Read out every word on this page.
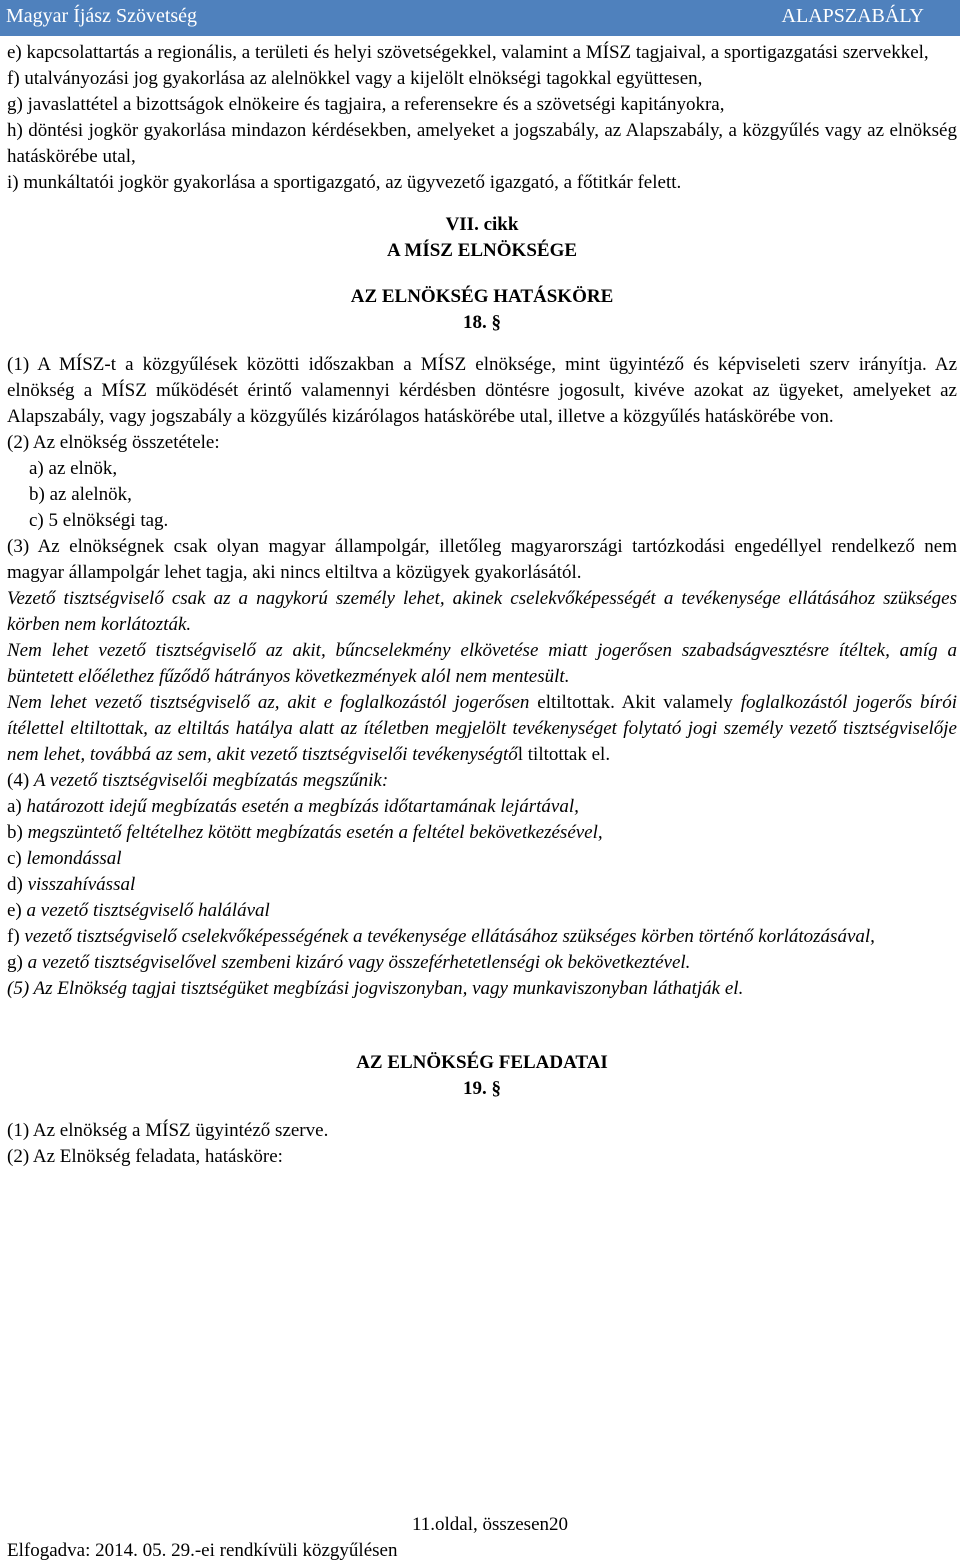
Magyar Íjász Szövetség	ALAPSZABÁLY

e) kapcsolattartás a regionális, a területi és helyi szövetségekkel, valamint a MÍSZ tagjaival, a sportigazgatási szervekkel,

f) utalványozási jog gyakorlása az alelnökkel vagy a kijelölt elnökségi tagokkal együttesen,

g) javaslattétel a bizottságok elnökeire és tagjaira, a referensekre és a szövetségi kapitányokra,

h) döntési jogkör gyakorlása mindazon kérdésekben, amelyeket a jogszabály, az Alapszabály, a közgyűlés vagy az elnökség hatáskörébe utal,

i) munkáltatói jogkör gyakorlása a sportigazgató, az ügyvezető igazgató, a főtitkár felett.

VII. cikk

A MÍSZ ELNÖKSÉGE

AZ ELNÖKSÉG HATÁSKÖRE

18. §

(1) A MÍSZ-t a közgyűlések közötti időszakban a MÍSZ elnöksége, mint ügyintéző és képviseleti szerv irányítja. Az elnökség a MÍSZ működését érintő valamennyi kérdésben döntésre jogosult, kivéve azokat az ügyeket, amelyeket az Alapszabály, vagy jogszabály a közgyűlés kizárólagos hatáskörébe utal, illetve a közgyűlés hatáskörébe von.

(2) Az elnökség összetétele:

a) az elnök,

b) az alelnök,

c) 5 elnökségi tag.

(3) Az elnökségnek csak olyan magyar állampolgár, illetőleg magyarországi tartózkodási engedéllyel rendelkező nem magyar állampolgár lehet tagja, aki nincs eltiltva a közügyek gyakorlásától.

Vezető tisztségviselő csak az a nagykorú személy lehet, akinek cselekvőképességét a tevékenysége ellátásához szükséges körben nem korlátozták.

Nem lehet vezető tisztségviselő az akit, bűncselekmény elkövetése miatt jogerősen szabadságvesztésre ítéltek, amíg a büntetett előélethez fűződő hátrányos következmények alól nem mentesült.

Nem lehet vezető tisztségviselő az, akit e foglalkozástól jogerősen eltiltottak. Akit valamely foglalkozástól jogerős bírói ítélettel eltiltottak, az eltiltás hatálya alatt az ítéletben megjelölt tevékenységet folytató jogi személy vezető tisztségviselője nem lehet, továbbá az sem, akit vezető tisztségviselői tevékenységtől tiltottak el.

(4) A vezető tisztségviselői megbízatás megszűnik:

a) határozott idejű megbízatás esetén a megbízás időtartamának lejártával,

b) megszüntető feltételhez kötött megbízatás esetén a feltétel bekövetkezésével,

c) lemondással

d) visszahívással

e) a vezető tisztségviselő halálával

f) vezető tisztségviselő cselekvőképességének a tevékenysége ellátásához szükséges körben történő korlátozásával,

g) a vezető tisztségviselővel szembeni kizáró vagy összeférhetetlenségi ok bekövetkeztével.

(5) Az Elnökség tagjai tisztségüket megbízási jogviszonyban, vagy munkaviszonyban láthatják el.

AZ ELNÖKSÉG FELADATAI

19. §

(1) Az elnökség a MÍSZ ügyintéző szerve.

(2) Az Elnökség feladata, hatásköre:

11.oldal, összesen20

Elfogadva: 2014. 05. 29.-ei rendkívüli közgyűlésen
